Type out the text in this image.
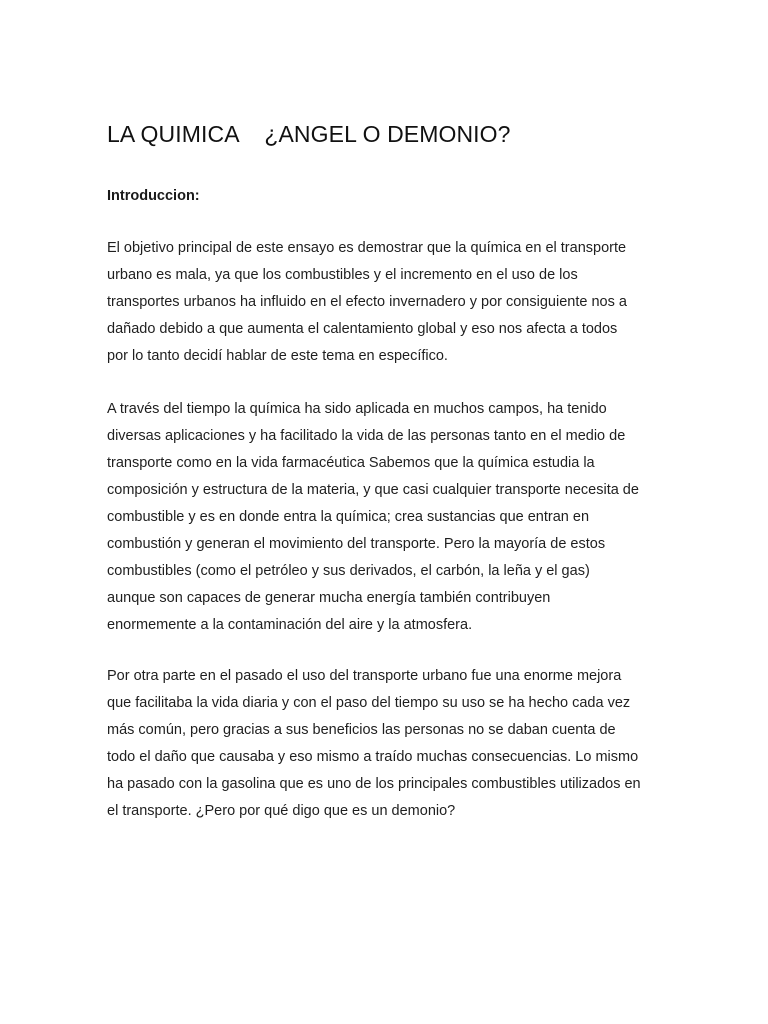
LA QUIMICA    ¿ANGEL O DEMONIO?
Introduccion:

El objetivo principal de este ensayo es demostrar que la química en el transporte
urbano es mala, ya que los combustibles y el incremento en el uso de los
transportes urbanos ha influido en el efecto invernadero y por consiguiente nos a
dañado debido a que aumenta el calentamiento global y eso nos afecta a todos
por lo tanto decidí hablar de este tema en específico.

A través del tiempo la química ha sido aplicada en muchos campos, ha tenido
diversas aplicaciones y ha facilitado la vida de las personas tanto en el medio de
transporte como en la vida farmacéutica Sabemos que la química estudia la
composición y estructura de la materia, y que casi cualquier transporte necesita de
combustible y es en donde entra la química; crea sustancias que entran en
combustión y generan el movimiento del transporte. Pero la mayoría de estos
combustibles (como el petróleo y sus derivados, el carbón, la leña y el gas)
aunque son capaces de generar mucha energía también contribuyen
enormemente a la contaminación del aire y la atmosfera.

Por otra parte en el pasado el uso del transporte urbano fue una enorme mejora
que facilitaba la vida diaria y con el paso del tiempo su uso se ha hecho cada vez
más común, pero gracias a sus beneficios las personas no se daban cuenta de
todo el daño que causaba y eso mismo a traído muchas consecuencias. Lo mismo
ha pasado con la gasolina que es uno de los principales combustibles utilizados en
el transporte. ¿Pero por qué digo que es un demonio?
